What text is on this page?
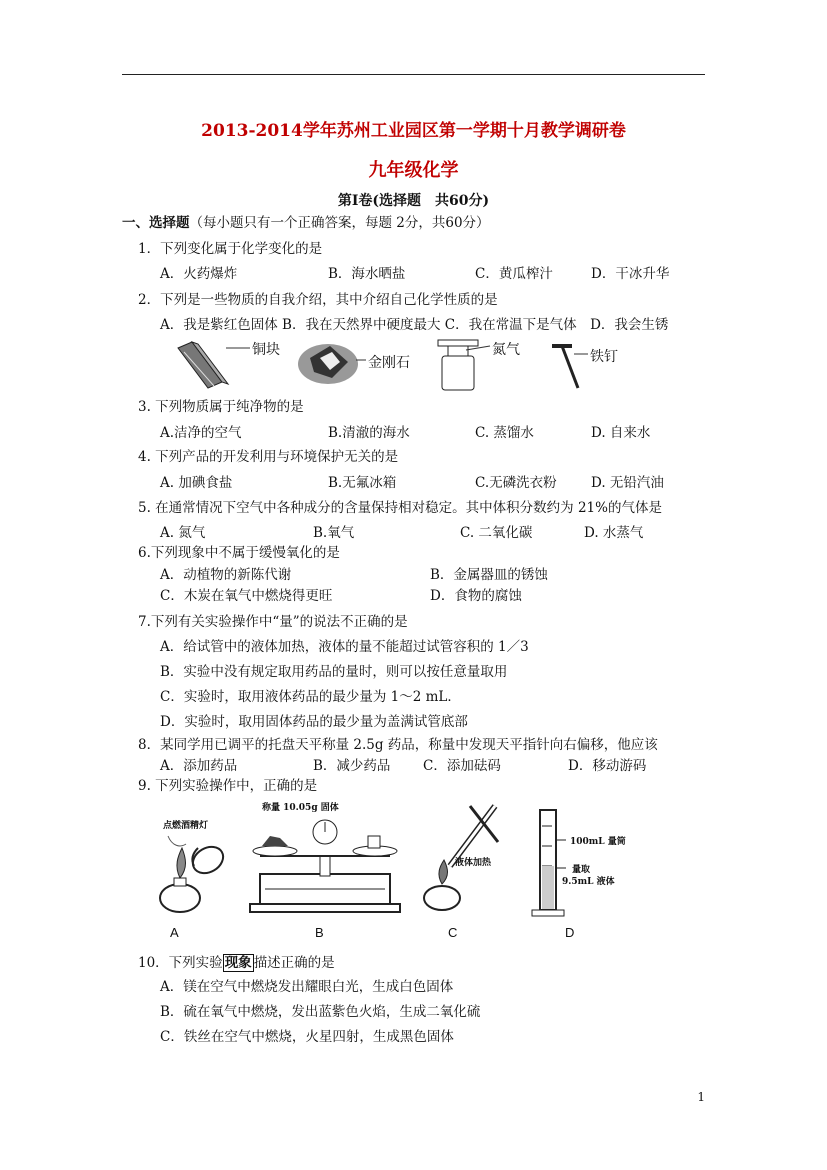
2013-2014学年苏州工业园区第一学期十月教学调研卷
九年级化学
第Ⅰ卷(选择题　共60分)
一、选择题（每小题只有一个正确答案，每题 2分，共60分）
1．下列变化属于化学变化的是
A．火药爆炸	B．海水晒盐	C．黄瓜榨汁	D．干冰升华
2．下列是一些物质的自我介绍，其中介绍自己化学性质的是
A．我是紫红色固体 B．我在天然界中硬度最大 C．我在常温下是气体　D．我会生锈
铜块
金刚石
氮气	铁钉
3. 下列物质属于纯净物的是
A.洁净的空气	B.清澈的海水	C. 蒸馏水	D. 自来水
4. 下列产品的开发利用与环境保护无关的是
A. 加碘食盐	B.无氟冰箱	C.无磷洗衣粉	D. 无铅汽油
5. 在通常情况下空气中各种成分的含量保持相对稳定。其中体积分数约为 21%的气体是
A. 氮气	B.氧气	C. 二氧化碳	D. 水蒸气
6.下列现象中不属于缓慢氧化的是
A．动植物的新陈代谢	B．金属器皿的锈蚀
C．木炭在氧气中燃烧得更旺	D．食物的腐蚀
7.下列有关实验操作中“量”的说法不正确的是
A．给试管中的液体加热，液体的量不能超过试管容积的 1／3
B．实验中没有规定取用药品的量时，则可以按任意量取用
C．实验时，取用液体药品的最少量为 1～2 mL．
D．实验时，取用固体药品的最少量为盖满试管底部
8．某同学用已调平的托盘天平称量 2.5g 药品，称量中发现天平指针向右偏移，他应该
A．添加药品	B．减少药品 C．添加砝码	D．移动游码
9. 下列实验操作中，正确的是
点燃酒精灯
称量 10.05g 固体
液体加热
100mL 量筒
量取
9.5mL 液体
A	B	C	D
10．下列实验 现象 描述正确的是
A．镁在空气中燃烧发出耀眼白光，生成白色固体
B．硫在氧气中燃烧，发出蓝紫色火焰，生成二氧化硫
C．铁丝在空气中燃烧，火星四射，生成黑色固体
1
